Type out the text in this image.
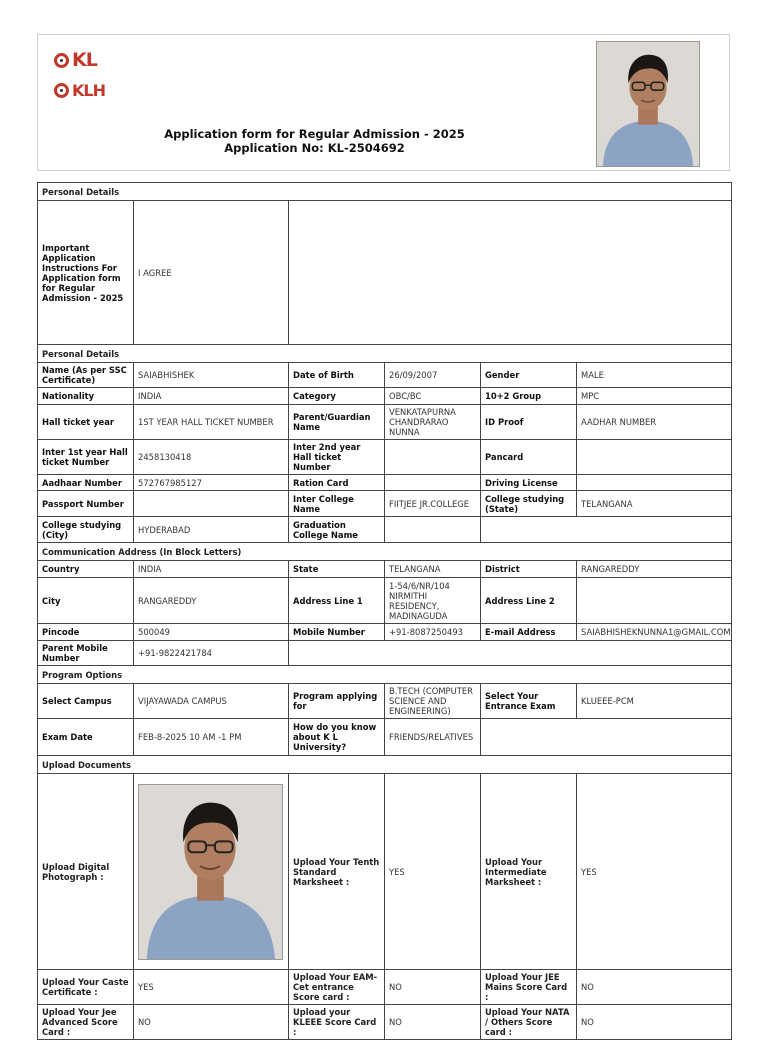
KL
KLH
Application form for Regular Admission - 2025
Application No: KL-2504692
Personal Details					
Important Application Instructions For Application form for Regular Admission - 2025	I AGREE				
Personal Details					
Name (As per SSC Certificate)	SAIABHISHEK	Date of Birth	26/09/2007	Gender	MALE
Nationality	INDIA	Category	OBC/BC	10+2 Group	MPC
Hall ticket year	1ST YEAR HALL TICKET NUMBER	Parent/Guardian Name	VENKATAPURNA CHANDRARAO NUNNA	ID Proof	AADHAR NUMBER
Inter 1st year Hall ticket Number	2458130418	Inter 2nd year Hall ticket Number		Pancard	
Aadhaar Number	572767985127	Ration Card		Driving License	
Passport Number		Inter College Name	FIITJEE JR.COLLEGE	College studying (State)	TELANGANA
College studying (City)	HYDERABAD	Graduation College Name			
Communication Address (In Block Letters)					
Country	INDIA	State	TELANGANA	District	RANGAREDDY
City	RANGAREDDY	Address Line 1	1-54/6/NR/104 NIRMITHI RESIDENCY, MADINAGUDA	Address Line 2	
Pincode	500049	Mobile Number	+91-8087250493	E-mail Address	SAIABHISHEKNUNNA1@GMAIL.COM
Parent Mobile Number	+91-9822421784				
Program Options					
Select Campus	VIJAYAWADA CAMPUS	Program applying for	B.TECH (COMPUTER SCIENCE AND ENGINEERING)	Select Your Entrance Exam	KLUEEE-PCM
Exam Date	FEB-8-2025 10 AM -1 PM	How do you know about K L University?	FRIENDS/RELATIVES		
Upload Documents					
Upload Digital Photograph :		Upload Your Tenth Standard Marksheet :	YES	Upload Your Intermediate Marksheet :	YES
Upload Your Caste Certificate :	YES	Upload Your EAM-Cet entrance Score card :	NO	Upload Your JEE Mains Score Card :	NO
Upload Your Jee Advanced Score Card :	NO	Upload your KLEEE Score Card :	NO	Upload Your NATA / Others Score card :	NO
